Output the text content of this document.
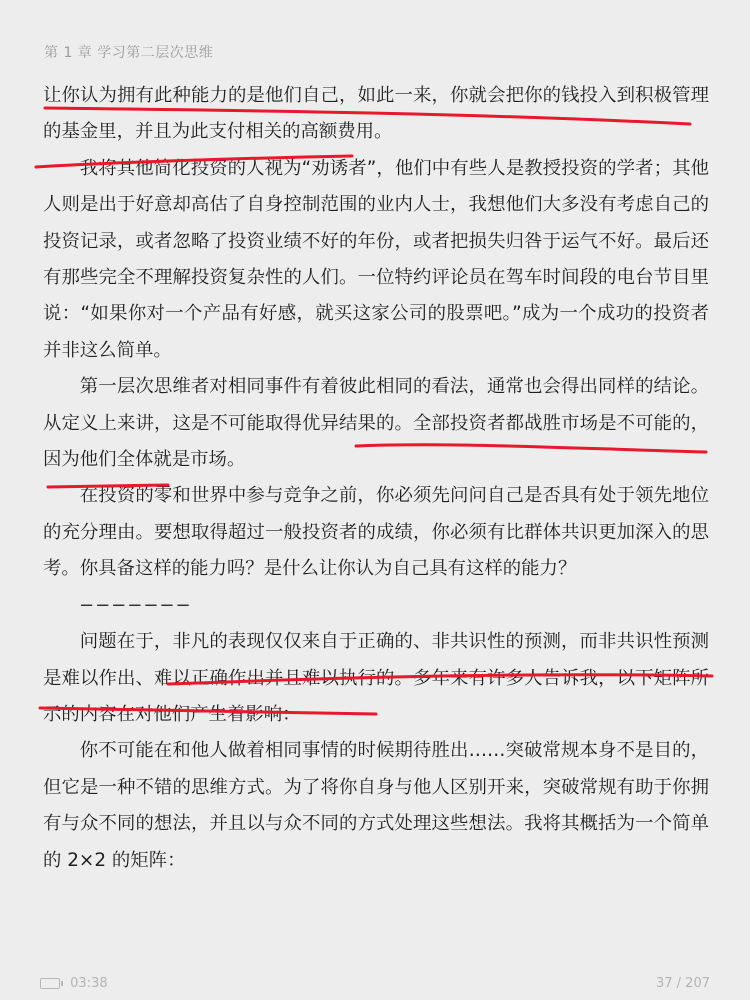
第 1 章 学习第二层次思维

让你认为拥有此种能力的是他们自己，如此一来，你就会把你的钱投入到积极管理的基金里，并且为此支付相关的高额费用。

我将其他简化投资的人视为“劝诱者”，他们中有些人是教授投资的学者；其他人则是出于好意却高估了自身控制范围的业内人士，我想他们大多没有考虑自己的投资记录，或者忽略了投资业绩不好的年份，或者把损失归咎于运气不好。最后还有那些完全不理解投资复杂性的人们。一位特约评论员在驾车时间段的电台节目里说：“如果你对一个产品有好感，就买这家公司的股票吧。”成为一个成功的投资者并非这么简单。

第一层次思维者对相同事件有着彼此相同的看法，通常也会得出同样的结论。从定义上来讲，这是不可能取得优异结果的。全部投资者都战胜市场是不可能的，因为他们全体就是市场。

在投资的零和世界中参与竞争之前，你必须先问问自己是否具有处于领先地位的充分理由。要想取得超过一般投资者的成绩，你必须有比群体共识更加深入的思考。你具备这样的能力吗？是什么让你认为自己具有这样的能力？

−−−−−−−

问题在于，非凡的表现仅仅来自于正确的、非共识性的预测，而非共识性预测是难以作出、难以正确作出并且难以执行的。多年来有许多人告诉我，以下矩阵所示的内容在对他们产生着影响：

你不可能在和他人做着相同事情的时候期待胜出……突破常规本身不是目的，但它是一种不错的思维方式。为了将你自身与他人区别开来，突破常规有助于你拥有与众不同的想法，并且以与众不同的方式处理这些想法。我将其概括为一个简单的 2×2 的矩阵：

03:38	37 / 207
